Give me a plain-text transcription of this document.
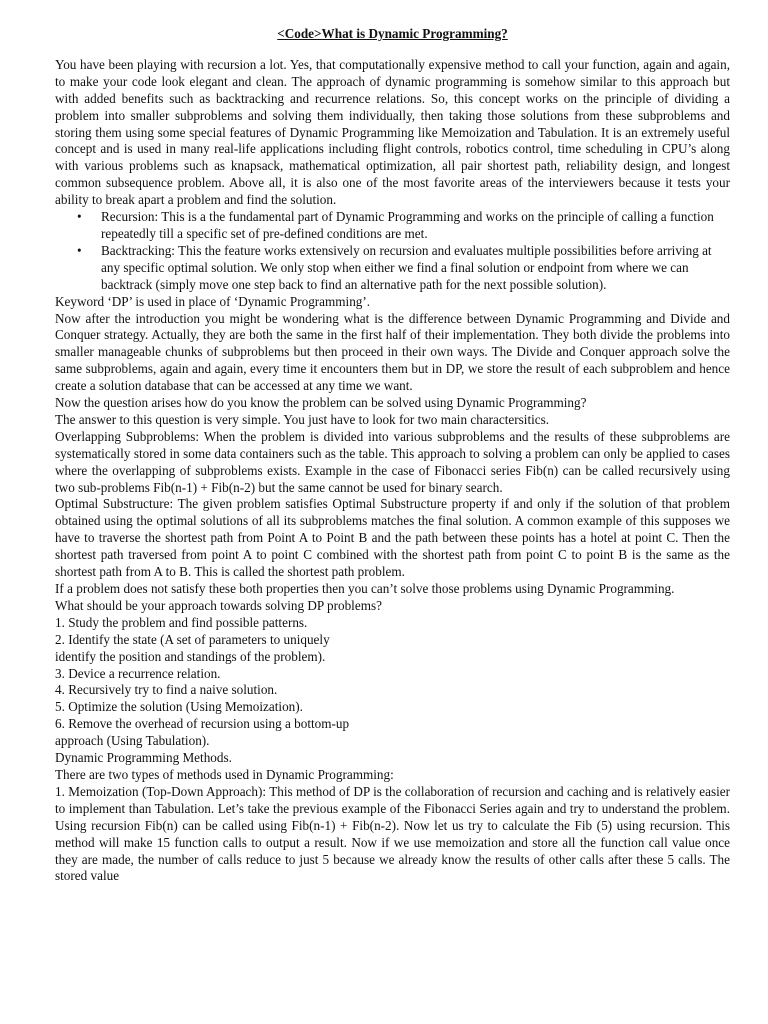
<Code>What is Dynamic Programming?

You have been playing with recursion a lot. Yes, that computationally expensive method to call your function, again and again, to make your code look elegant and clean. The approach of dynamic programming is somehow similar to this approach but with added benefits such as backtracking and recurrence relations. So, this concept works on the principle of dividing a problem into smaller subproblems and solving them individually, then taking those solutions from these subproblems and storing them using some special features of Dynamic Programming like Memoization and Tabulation. It is an extremely useful concept and is used in many real-life applications including flight controls, robotics control, time scheduling in CPU’s along with various problems such as knapsack, mathematical optimization, all pair shortest path, reliability design, and longest common subsequence problem. Above all, it is also one of the most favorite areas of the interviewers because it tests your ability to break apart a problem and find the solution.

• Recursion: This is a the fundamental part of Dynamic Programming and works on the principle of calling a function repeatedly till a specific set of pre-defined conditions are met.
• Backtracking: This the feature works extensively on recursion and evaluates multiple possibilities before arriving at any specific optimal solution. We only stop when either we find a final solution or endpoint from where we can backtrack (simply move one step back to find an alternative path for the next possible solution).

Keyword ‘DP’ is used in place of ‘Dynamic Programming’.

Now after the introduction you might be wondering what is the difference between Dynamic Programming and Divide and Conquer strategy. Actually, they are both the same in the first half of their implementation. They both divide the problems into smaller manageable chunks of subproblems but then proceed in their own ways. The Divide and Conquer approach solve the same subproblems, again and again, every time it encounters them but in DP, we store the result of each subproblem and hence create a solution database that can be accessed at any time we want.

Now the question arises how do you know the problem can be solved using Dynamic Programming?

The answer to this question is very simple. You just have to look for two main charactersitics.

Overlapping Subproblems: When the problem is divided into various subproblems and the results of these subproblems are systematically stored in some data containers such as the table. This approach to solving a problem can only be applied to cases where the overlapping of subproblems exists. Example in the case of Fibonacci series Fib(n) can be called recursively using two sub-problems Fib(n-1) + Fib(n-2) but the same cannot be used for binary search.

Optimal Substructure: The given problem satisfies Optimal Substructure property if and only if the solution of that problem obtained using the optimal solutions of all its subproblems matches the final solution. A common example of this supposes we have to traverse the shortest path from Point A to Point B and the path between these points has a hotel at point C. Then the shortest path traversed from point A to point C combined with the shortest path from point C to point B is the same as the shortest path from A to B. This is called the shortest path problem.

If a problem does not satisfy these both properties then you can’t solve those problems using Dynamic Programming.

What should be your approach towards solving DP problems?

1. Study the problem and find possible patterns.

2. Identify the state (A set of parameters to uniquely

identify the position and standings of the problem).

3. Device a recurrence relation.

4. Recursively try to find a naive solution.

5. Optimize the solution (Using Memoization).

6. Remove the overhead of recursion using a bottom-up

approach (Using Tabulation).

Dynamic Programming Methods.

There are two types of methods used in Dynamic Programming:

1. Memoization (Top-Down Approach): This method of DP is the collaboration of recursion and caching and is relatively easier to implement than Tabulation. Let’s take the previous example of the Fibonacci Series again and try to understand the problem. Using recursion Fib(n) can be called using Fib(n-1) + Fib(n-2). Now let us try to calculate the Fib (5) using recursion. This method will make 15 function calls to output a result. Now if we use memoization and store all the function call value once they are made, the number of calls reduce to just 5 because we already know the results of other calls after these 5 calls. The stored value
